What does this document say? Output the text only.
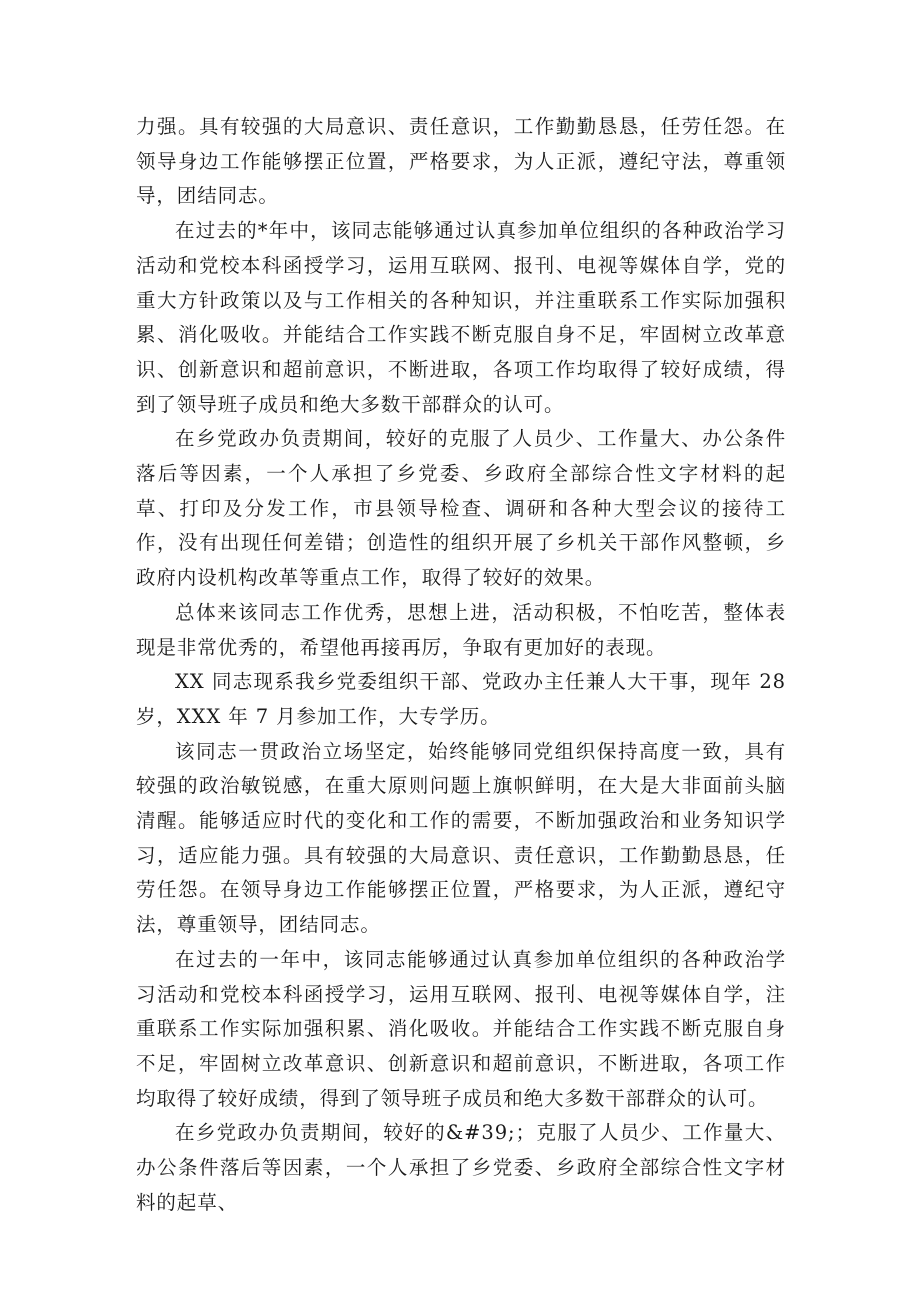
力强。具有较强的大局意识、责任意识，工作勤勤恳恳，任劳任怨。在领导身边工作能够摆正位置，严格要求，为人正派，遵纪守法，尊重领导，团结同志。

在过去的*年中，该同志能够通过认真参加单位组织的各种政治学习活动和党校本科函授学习，运用互联网、报刊、电视等媒体自学，党的重大方针政策以及与工作相关的各种知识，并注重联系工作实际加强积累、消化吸收。并能结合工作实践不断克服自身不足，牢固树立改革意识、创新意识和超前意识，不断进取，各项工作均取得了较好成绩，得到了领导班子成员和绝大多数干部群众的认可。

在乡党政办负责期间，较好的克服了人员少、工作量大、办公条件落后等因素，一个人承担了乡党委、乡政府全部综合性文字材料的起草、打印及分发工作，市县领导检查、调研和各种大型会议的接待工作，没有出现任何差错；创造性的组织开展了乡机关干部作风整顿，乡政府内设机构改革等重点工作，取得了较好的效果。

总体来该同志工作优秀，思想上进，活动积极，不怕吃苦，整体表现是非常优秀的，希望他再接再厉，争取有更加好的表现。

XX 同志现系我乡党委组织干部、党政办主任兼人大干事，现年 28 岁，XXX 年 7 月参加工作，大专学历。

该同志一贯政治立场坚定，始终能够同党组织保持高度一致，具有较强的政治敏锐感，在重大原则问题上旗帜鲜明，在大是大非面前头脑清醒。能够适应时代的变化和工作的需要，不断加强政治和业务知识学习，适应能力强。具有较强的大局意识、责任意识，工作勤勤恳恳，任劳任怨。在领导身边工作能够摆正位置，严格要求，为人正派，遵纪守法，尊重领导，团结同志。

在过去的一年中，该同志能够通过认真参加单位组织的各种政治学习活动和党校本科函授学习，运用互联网、报刊、电视等媒体自学，注重联系工作实际加强积累、消化吸收。并能结合工作实践不断克服自身不足，牢固树立改革意识、创新意识和超前意识，不断进取，各项工作均取得了较好成绩，得到了领导班子成员和绝大多数干部群众的认可。

在乡党政办负责期间，较好的&#39;；克服了人员少、工作量大、办公条件落后等因素，一个人承担了乡党委、乡政府全部综合性文字材料的起草、
